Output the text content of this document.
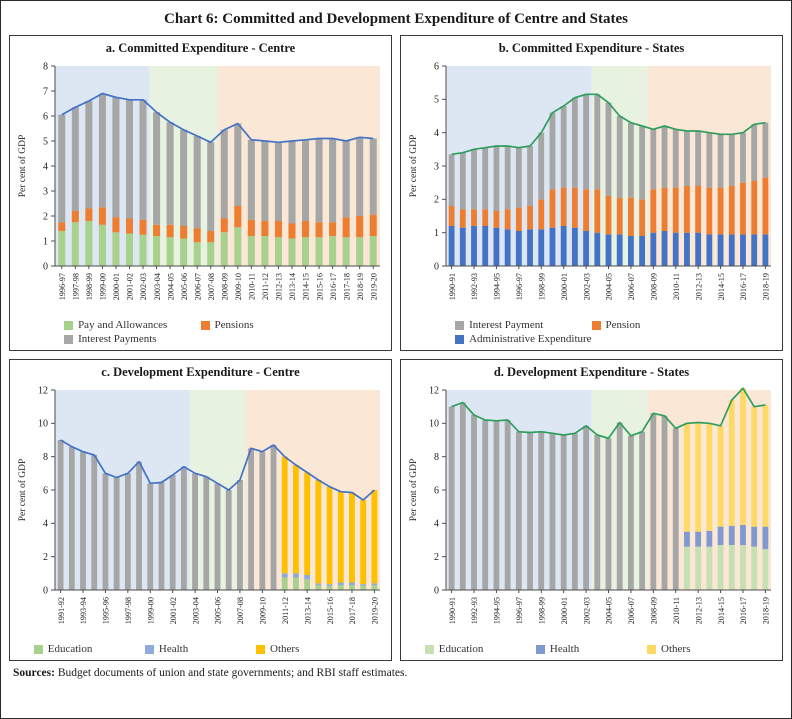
Chart 6: Committed and Development Expenditure of Centre and States
a. Committed Expenditure - Centre
0
1
2
3
4
5
6
7
8
1996-97 1997-98 1998-99 1999-00 2000-01 2001-02 2002-03 2003-04 2004-05 2005-06 2006-07 2007-08 2008-09 2009-10 2010-11 2011-12 2012-13 2013-14 2014-15 2015-16 2016-17 2017-18 2018-19 2019-20
Per cent of GDP
Pay and Allowances	Pensions
Interest Payments
b. Committed Expenditure - States
0
1
2
3
4
5
6
1990-91 1992-93 1994-95 1996-97 1998-99 2000-01 2002-03 2004-05 2006-07 2008-09 2010-11 2012-13 2014-15 2016-17 2018-19
Per cent of GDP
Interest Payment	Pension
Administrative Expenditure
c. Development Expenditure - Centre
0
2
4
6
8
10
12
1991-92 1993-94 1995-96 1997-98 1999-00 2001-02 2003-04 2005-06 2007-08 2009-10 2011-12 2013-14 2015-16 2017-18 2019-20
Per cent of GDP
Education	Health	Others
d. Development Expenditure - States
0
2
4
6
8
10
12
1990-91 1992-93 1994-95 1996-97 1998-99 2000-01 2002-03 2004-05 2006-07 2008-09 2010-11 2012-13 2014-15 2016-17 2018-19
Per cent of GDP
Education	Health	Others
Sources: Budget documents of union and state governments; and RBI staff estimates.
